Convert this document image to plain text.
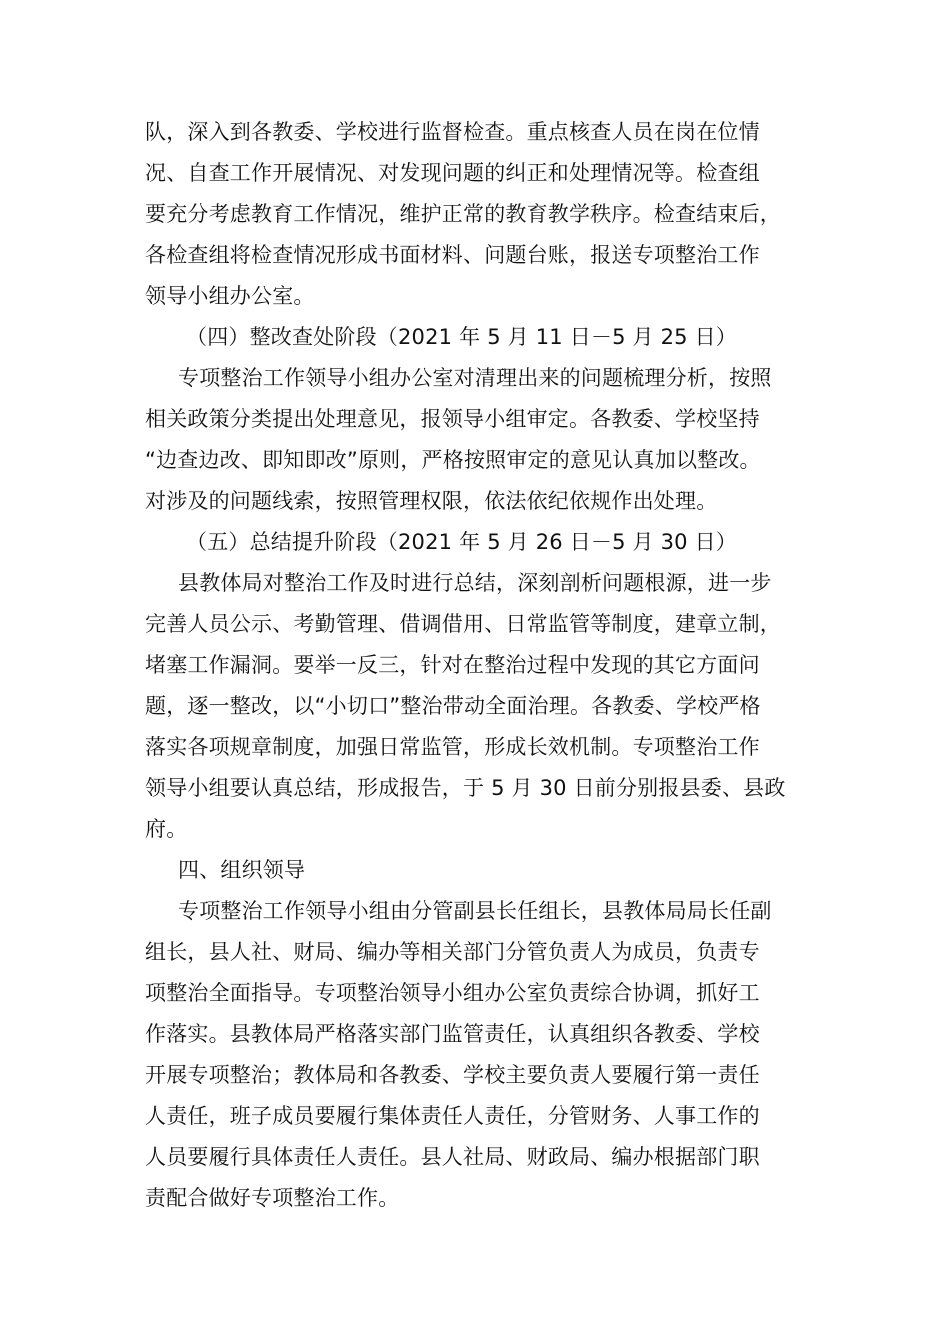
队，深入到各教委、学校进行监督检查。重点核查人员在岗在位情
况、自查工作开展情况、对发现问题的纠正和处理情况等。检查组
要充分考虑教育工作情况，维护正常的教育教学秩序。检查结束后，
各检查组将检查情况形成书面材料、问题台账，报送专项整治工作
领导小组办公室。
（四）整改查处阶段（2021 年 5 月 11 日－5 月 25 日）
专项整治工作领导小组办公室对清理出来的问题梳理分析，按照
相关政策分类提出处理意见，报领导小组审定。各教委、学校坚持
“边查边改、即知即改”原则，严格按照审定的意见认真加以整改。
对涉及的问题线索，按照管理权限，依法依纪依规作出处理。
（五）总结提升阶段（2021 年 5 月 26 日－5 月 30 日）
县教体局对整治工作及时进行总结，深刻剖析问题根源，进一步
完善人员公示、考勤管理、借调借用、日常监管等制度，建章立制，
堵塞工作漏洞。要举一反三，针对在整治过程中发现的其它方面问
题，逐一整改，以“小切口”整治带动全面治理。各教委、学校严格
落实各项规章制度，加强日常监管，形成长效机制。专项整治工作
领导小组要认真总结，形成报告，于 5 月 30 日前分别报县委、县政
府。
四、组织领导
专项整治工作领导小组由分管副县长任组长，县教体局局长任副
组长，县人社、财局、编办等相关部门分管负责人为成员，负责专
项整治全面指导。专项整治领导小组办公室负责综合协调，抓好工
作落实。县教体局严格落实部门监管责任，认真组织各教委、学校
开展专项整治；教体局和各教委、学校主要负责人要履行第一责任
人责任，班子成员要履行集体责任人责任，分管财务、人事工作的
人员要履行具体责任人责任。县人社局、财政局、编办根据部门职
责配合做好专项整治工作。
